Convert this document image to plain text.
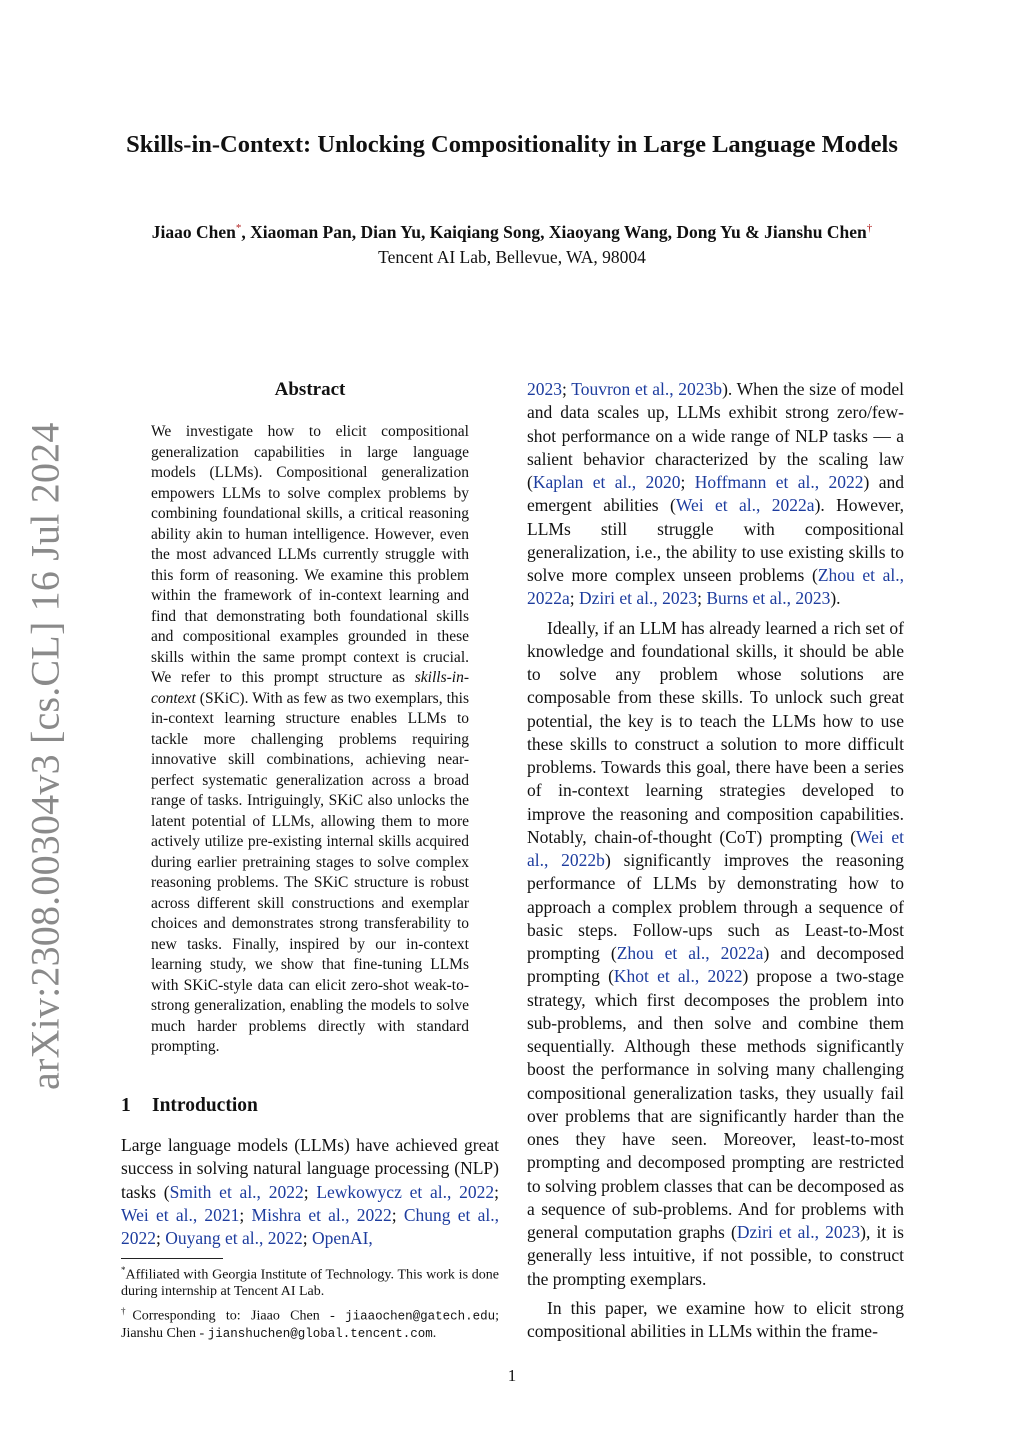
arXiv:2308.00304v3 [cs.CL] 16 Jul 2024
Skills-in-Context: Unlocking Compositionality in Large Language Models
Jiaao Chen*, Xiaoman Pan, Dian Yu, Kaiqiang Song, Xiaoyang Wang, Dong Yu & Jianshu Chen†
Tencent AI Lab, Bellevue, WA, 98004
Abstract

We investigate how to elicit compositional generalization capabilities in large language models (LLMs). Compositional generalization empowers LLMs to solve complex problems by combining foundational skills, a critical reasoning ability akin to human intelligence. However, even the most advanced LLMs currently struggle with this form of reasoning. We examine this problem within the framework of in-context learning and find that demonstrating both foundational skills and compositional examples grounded in these skills within the same prompt context is crucial. We refer to this prompt structure as skills-in-context (SKiC). With as few as two exemplars, this in-context learning structure enables LLMs to tackle more challenging problems requiring innovative skill combinations, achieving near-perfect systematic generalization across a broad range of tasks. Intriguingly, SKiC also unlocks the latent potential of LLMs, allowing them to more actively utilize pre-existing internal skills acquired during earlier pretraining stages to solve complex reasoning problems. The SKiC structure is robust across different skill constructions and exemplar choices and demonstrates strong transferability to new tasks. Finally, inspired by our in-context learning study, we show that fine-tuning LLMs with SKiC-style data can elicit zero-shot weak-to-strong generalization, enabling the models to solve much harder problems directly with standard prompting.

1 Introduction

Large language models (LLMs) have achieved great success in solving natural language processing (NLP) tasks (Smith et al., 2022; Lewkowycz et al., 2022; Wei et al., 2021; Mishra et al., 2022; Chung et al., 2022; Ouyang et al., 2022; OpenAI,

*Affiliated with Georgia Institute of Technology. This work is done during internship at Tencent AI Lab.

†Corresponding to: Jiaao Chen - jiaaochen@gatech.edu; Jianshu Chen - jianshuchen@global.tencent.com.

2023; Touvron et al., 2023b). When the size of model and data scales up, LLMs exhibit strong zero/few-shot performance on a wide range of NLP tasks — a salient behavior characterized by the scaling law (Kaplan et al., 2020; Hoffmann et al., 2022) and emergent abilities (Wei et al., 2022a). However, LLMs still struggle with compositional generalization, i.e., the ability to use existing skills to solve more complex unseen problems (Zhou et al., 2022a; Dziri et al., 2023; Burns et al., 2023).

Ideally, if an LLM has already learned a rich set of knowledge and foundational skills, it should be able to solve any problem whose solutions are composable from these skills. To unlock such great potential, the key is to teach the LLMs how to use these skills to construct a solution to more difficult problems. Towards this goal, there have been a series of in-context learning strategies developed to improve the reasoning and composition capabilities. Notably, chain-of-thought (CoT) prompting (Wei et al., 2022b) significantly improves the reasoning performance of LLMs by demonstrating how to approach a complex problem through a sequence of basic steps. Follow-ups such as Least-to-Most prompting (Zhou et al., 2022a) and decomposed prompting (Khot et al., 2022) propose a two-stage strategy, which first decomposes the problem into sub-problems, and then solve and combine them sequentially. Although these methods significantly boost the performance in solving many challenging compositional generalization tasks, they usually fail over problems that are significantly harder than the ones they have seen. Moreover, least-to-most prompting and decomposed prompting are restricted to solving problem classes that can be decomposed as a sequence of sub-problems. And for problems with general computation graphs (Dziri et al., 2023), it is generally less intuitive, if not possible, to construct the prompting exemplars.

In this paper, we examine how to elicit strong compositional abilities in LLMs within the frame-

1
